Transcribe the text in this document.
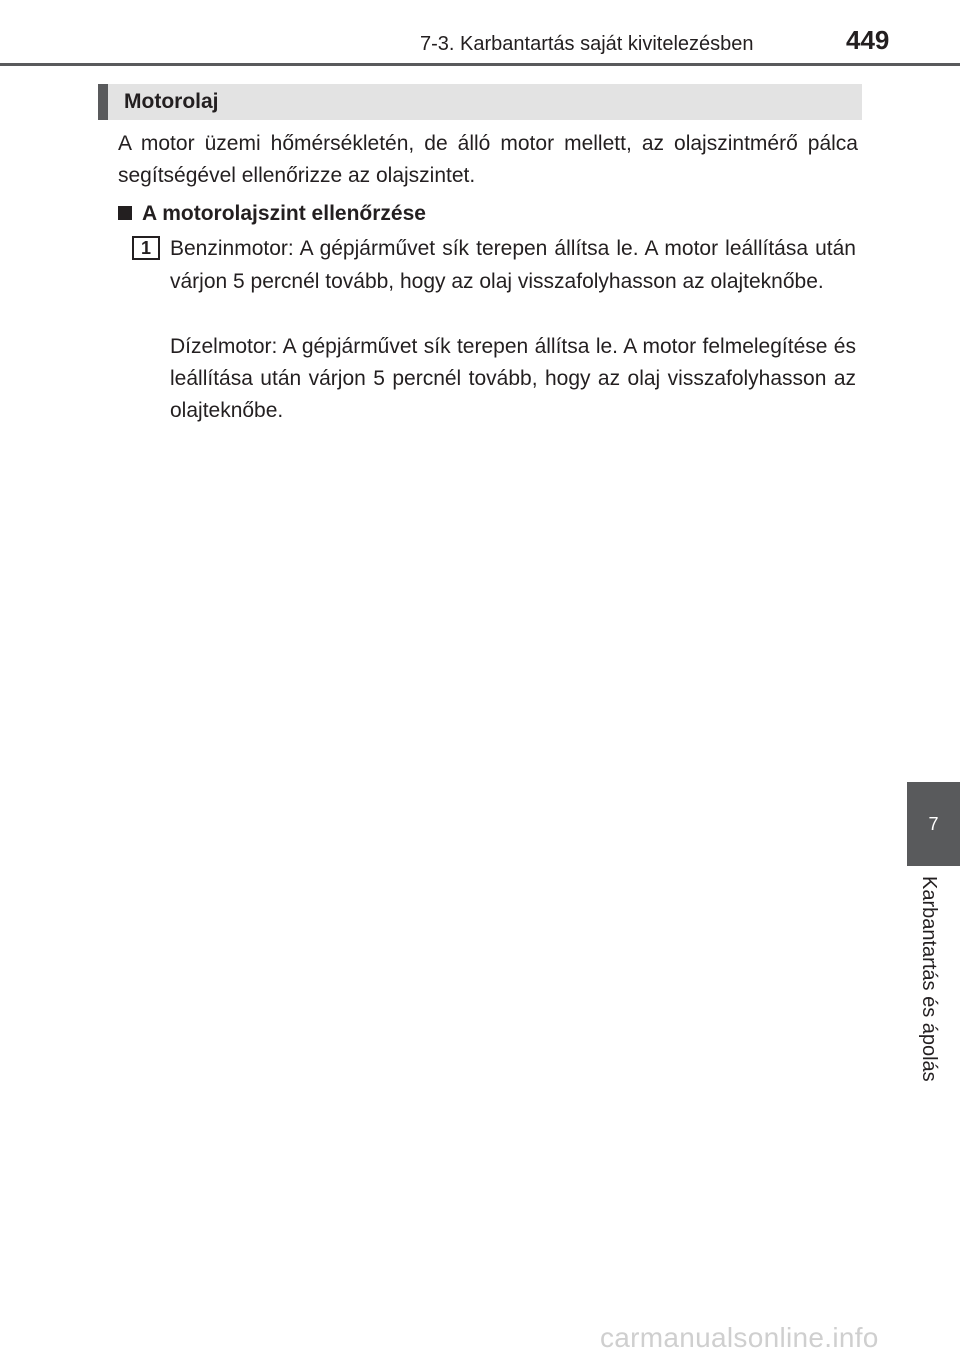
7-3. Karbantartás saját kivitelezésben	449
Motorolaj
A motor üzemi hőmérsékletén, de álló motor mellett, az olajszintmérő pálca segítségével ellenőrizze az olajszintet.
A motorolajszint ellenőrzése
1 Benzinmotor: A gépjárművet sík terepen állítsa le. A motor leállítása után várjon 5 percnél tovább, hogy az olaj visszafolyhasson az olajteknőbe.
Dízelmotor: A gépjárművet sík terepen állítsa le. A motor felmelegítése és leállítása után várjon 5 percnél tovább, hogy az olaj visszafolyhasson az olajteknőbe.
7
Karbantartás és ápolás
carmanualsonline.info
